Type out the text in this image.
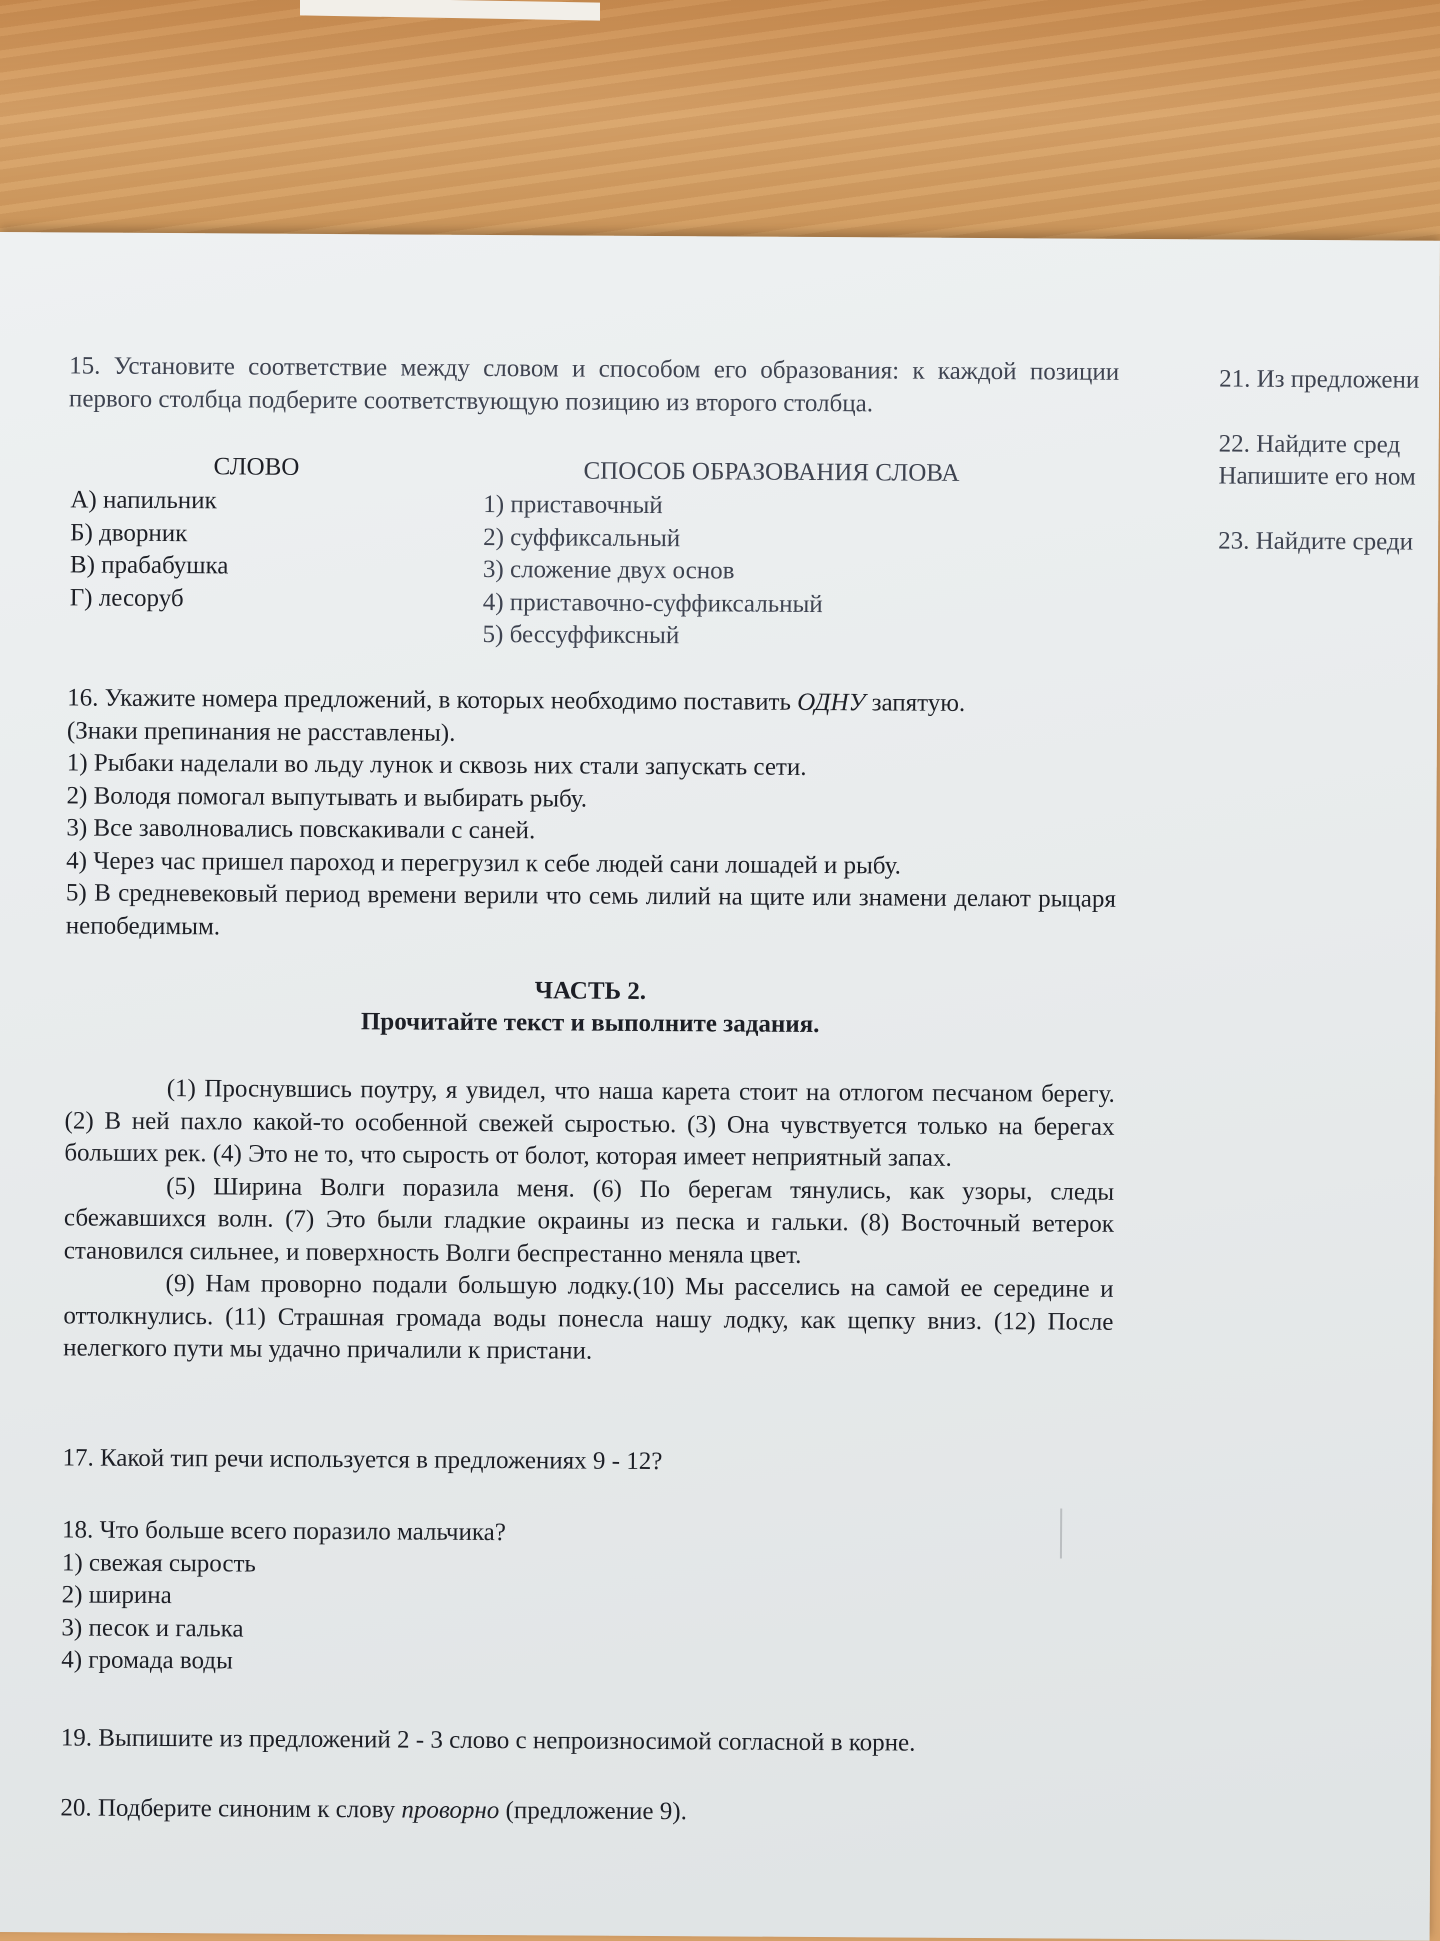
15. Установите соответствие между словом и способом его образования: к каждой позиции первого столбца подберите соответствующую позицию из второго столбца.

СЛОВО	СПОСОБ ОБРАЗОВАНИЯ СЛОВА

А) напильник

Б) дворник

В) прабабушка

Г) лесоруб

1) приставочный

2) суффиксальный

3) сложение двух основ

4) приставочно-суффиксальный

5) бессуффиксный

16. Укажите номера предложений, в которых необходимо поставить ОДНУ запятую.

(Знаки препинания не расставлены).

1) Рыбаки наделали во льду лунок и сквозь них стали запускать сети.

2) Володя помогал выпутывать и выбирать рыбу.

3) Все заволновались повскакивали с саней.

4) Через час пришел пароход и перегрузил к себе людей сани лошадей и рыбу.

5) В средневековый период времени верили что семь лилий на щите или знамени делают рыцаря непобедимым.

ЧАСТЬ 2.
Прочитайте текст и выполните задания.

(1) Проснувшись поутру, я увидел, что наша карета стоит на отлогом песчаном берегу. (2) В ней пахло какой-то особенной свежей сыростью. (3) Она чувствуется только на берегах больших рек. (4) Это не то, что сырость от болот, которая имеет неприятный запах.

(5) Ширина Волги поразила меня. (6) По берегам тянулись, как узоры, следы сбежавшихся волн. (7) Это были гладкие окраины из песка и гальки. (8) Восточный ветерок становился сильнее, и поверхность Волги беспрестанно меняла цвет.

(9) Нам проворно подали большую лодку.(10) Мы расселись на самой ее середине и оттолкнулись. (11) Страшная громада воды понесла нашу лодку, как щепку вниз. (12) После нелегкого пути мы удачно причалили к пристани.

17. Какой тип речи используется в предложениях 9 - 12?

18. Что больше всего поразило мальчика?

1) свежая сырость

2) ширина

3) песок и галька

4) громада воды

19. Выпишите из предложений 2 - 3 слово с непроизносимой согласной в корне.
20. Подберите синоним к слову проворно (предложение 9).

21. Из предложени

22. Найдите сред

Напишите его ном

23. Найдите среди
